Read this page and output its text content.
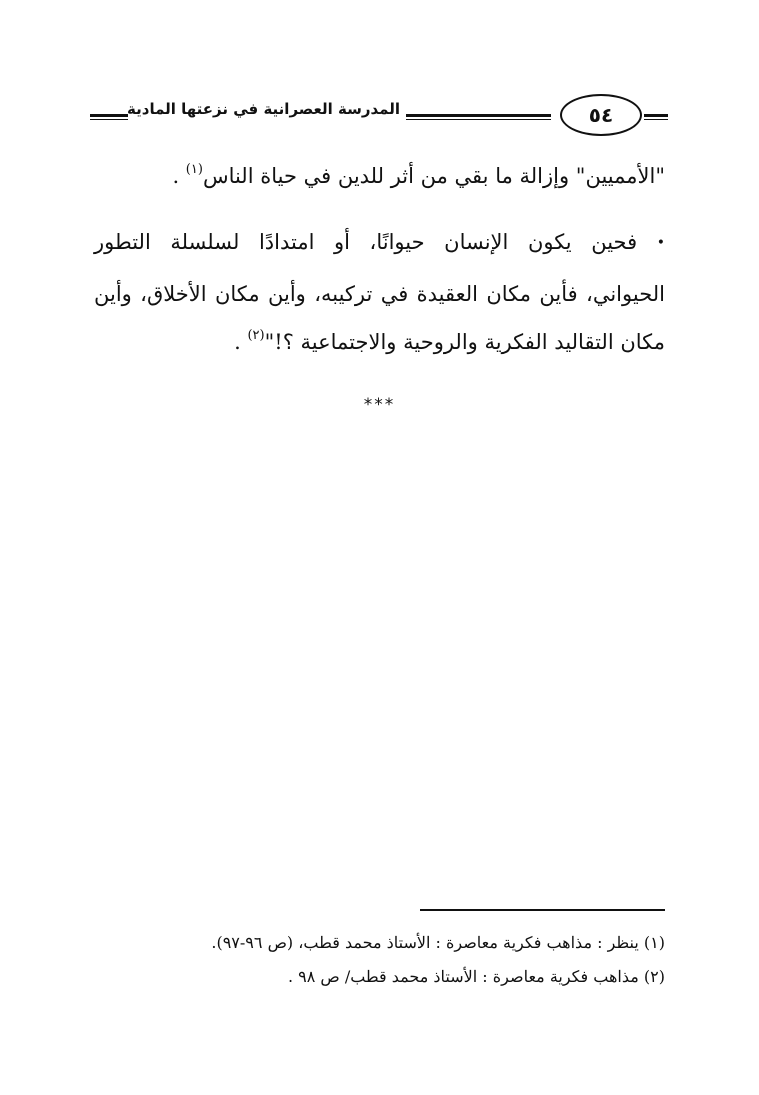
المدرسة العصرانية في نزعتها المادية	٥٤
"الأمميين" وإزالة ما بقي من أثر للدين في حياة الناس$^{(١)}$ .
• فحين يكون الإنسان حيوانًا، أو امتدادًا لسلسلة التطور
الحيواني، فأين مكان العقيدة في تركيبه، وأين مكان الأخلاق، وأين
مكان التقاليد الفكرية والروحية والاجتماعية ؟!"$^{(٢)}$ .
***
(١) ينظر : مذاهب فكرية معاصرة : الأستاذ محمد قطب، (ص ٩٦-٩٧).
(٢) مذاهب فكرية معاصرة : الأستاذ محمد قطب/ ص ٩٨ .
